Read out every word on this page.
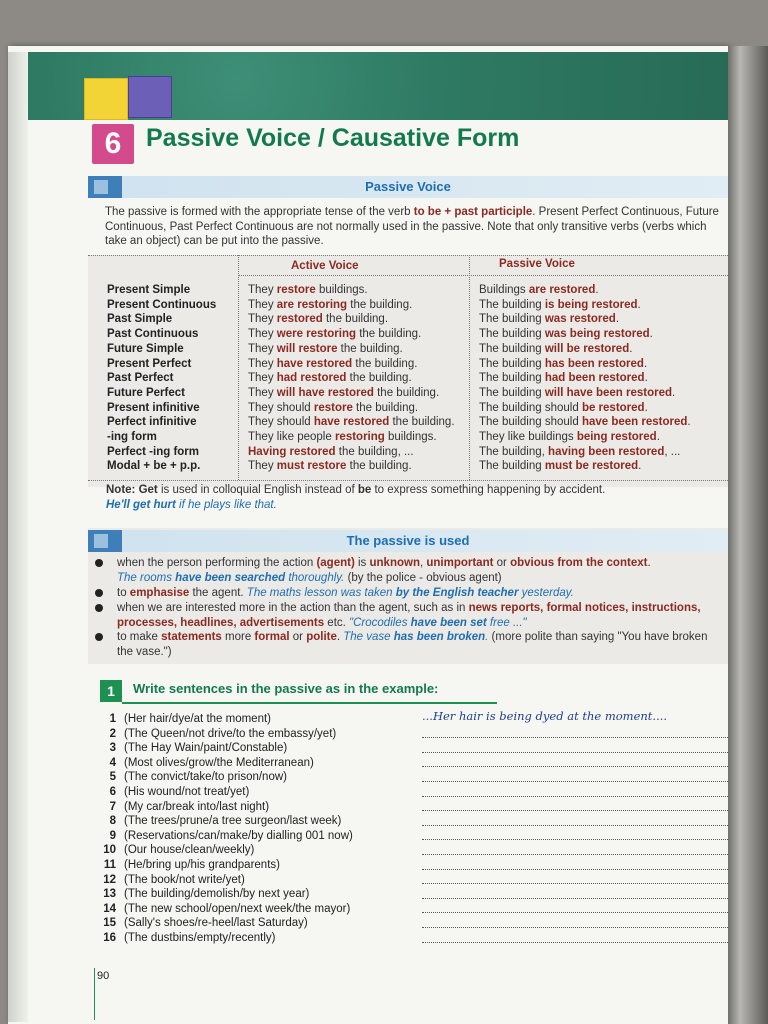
6 Passive Voice / Causative Form
Passive Voice
The passive is formed with the appropriate tense of the verb to be + past participle. Present Perfect Continuous, Future Continuous, Past Perfect Continuous are not normally used in the passive. Note that only transitive verbs (verbs which take an object) can be put into the passive.
Active Voice	Passive Voice
Present Simple
Present Continuous
Past Simple
Past Continuous
Future Simple
Present Perfect
Past Perfect
Future Perfect
Present infinitive
Perfect infinitive
-ing form
Perfect -ing form
Modal + be + p.p.
They restore buildings.
They are restoring the building.
They restored the building.
They were restoring the building.
They will restore the building.
They have restored the building.
They had restored the building.
They will have restored the building.
They should restore the building.
They should have restored the building.
They like people restoring buildings.
Having restored the building, ...
They must restore the building.
Buildings are restored.
The building is being restored.
The building was restored.
The building was being restored.
The building will be restored.
The building has been restored.
The building had been restored.
The building will have been restored.
The building should be restored.
The building should have been restored.
They like buildings being restored.
The building, having been restored, ...
The building must be restored.
Note: Get is used in colloquial English instead of be to express something happening by accident.
He'll get hurt if he plays like that.
The passive is used
when the person performing the action (agent) is unknown, unimportant or obvious from the context.
The rooms have been searched thoroughly. (by the police - obvious agent)
to emphasise the agent. The maths lesson was taken by the English teacher yesterday.
when we are interested more in the action than the agent, such as in news reports, formal notices, instructions, processes, headlines, advertisements etc. "Crocodiles have been set free ..."
to make statements more formal or polite. The vase has been broken. (more polite than saying "You have broken the vase.")
1	Write sentences in the passive as in the example:
1 (Her hair/dye/at the moment)
2 (The Queen/not drive/to the embassy/yet)
3 (The Hay Wain/paint/Constable)
4 (Most olives/grow/the Mediterranean)
5 (The convict/take/to prison/now)
6 (His wound/not treat/yet)
7 (My car/break into/last night)
8 (The trees/prune/a tree surgeon/last week)
9 (Reservations/can/make/by dialling 001 now)
10 (Our house/clean/weekly)
11 (He/bring up/his grandparents)
12 (The book/not write/yet)
13 (The building/demolish/by next year)
14 (The new school/open/next week/the mayor)
15 (Sally's shoes/re-heel/last Saturday)
16 (The dustbins/empty/recently)
...Her hair is being dyed at the moment....
90
